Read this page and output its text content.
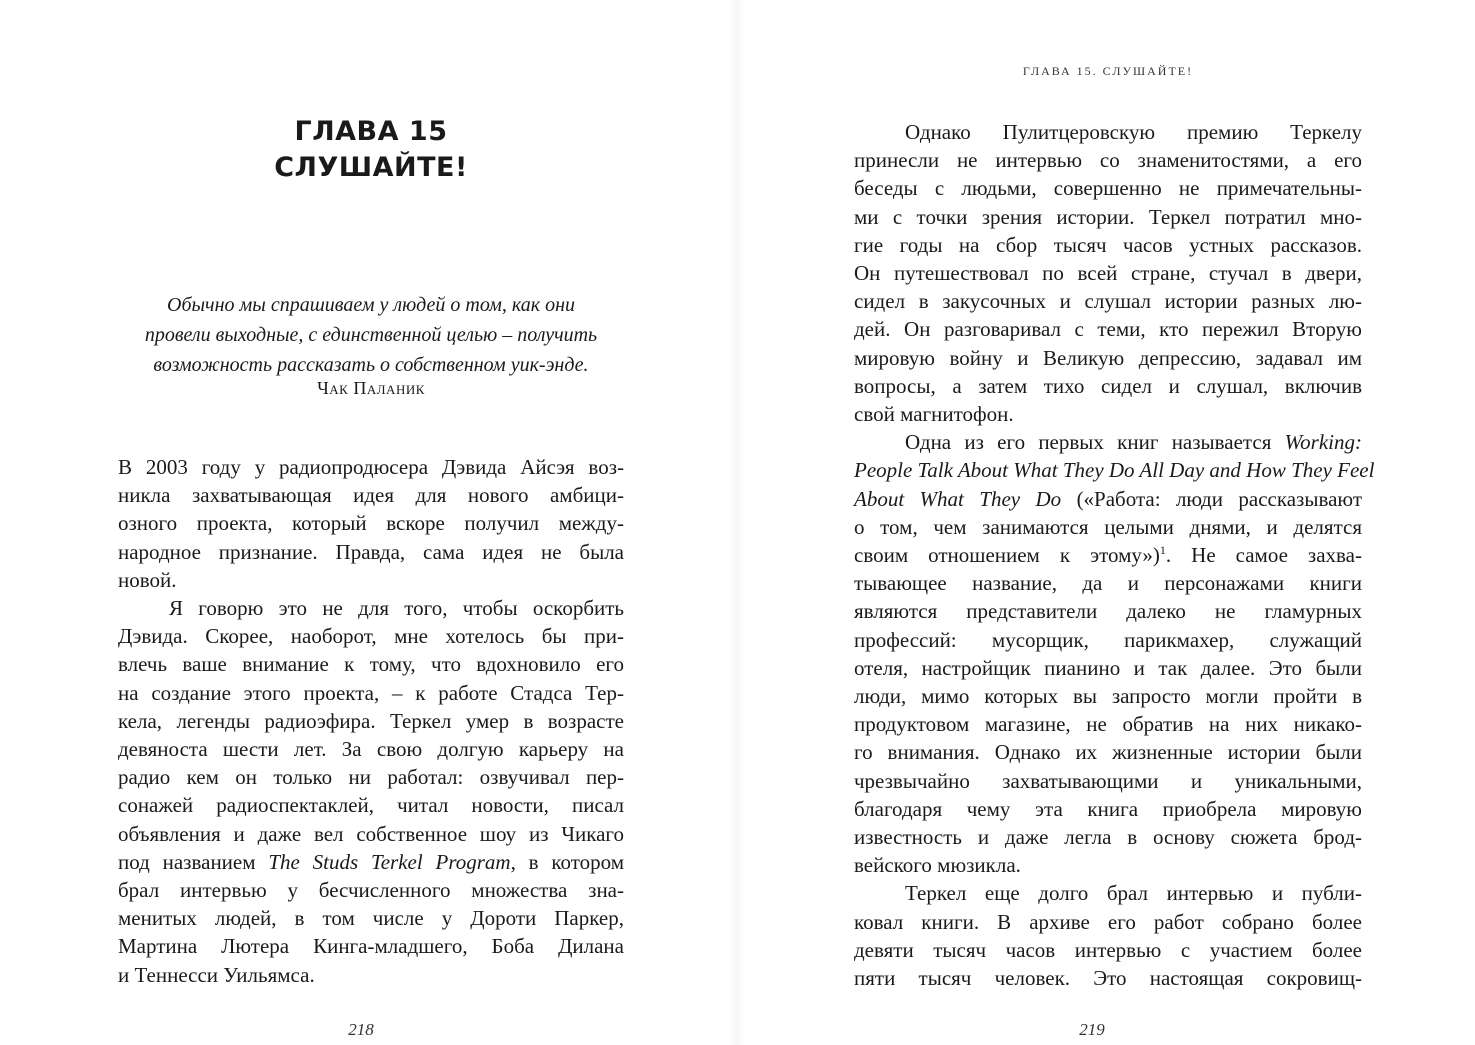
ГЛАВА 15
СЛУШАЙТЕ!
Обычно мы спрашиваем у людей о том, как они
провели выходные, с единственной целью – получить
возможность рассказать о собственном уик-энде.
Чак Паланик
В 2003 году у радиопродюсера Дэвида Айсэя воз-
никла захватывающая идея для нового амбици-
озного проекта, который вскоре получил между-
народное признание. Правда, сама идея не была
новой.
Я говорю это не для того, чтобы оскорбить
Дэвида. Скорее, наоборот, мне хотелось бы при-
влечь ваше внимание к тому, что вдохновило его
на создание этого проекта, – к работе Стадса Тер-
кела, легенды радиоэфира. Теркел умер в возрасте
девяноста шести лет. За свою долгую карьеру на
радио кем он только ни работал: озвучивал пер-
сонажей радиоспектаклей, читал новости, писал
объявления и даже вел собственное шоу из Чикаго
под названием The Studs Terkel Program, в котором
брал интервью у бесчисленного множества зна-
менитых людей, в том числе у Дороти Паркер,
Мартина Лютера Кинга-младшего, Боба Дилана
и Теннесси Уильямса.
218
ГЛАВА 15. СЛУШАЙТЕ!
Однако Пулитцеровскую премию Теркелу
принесли не интервью со знаменитостями, а его
беседы с людьми, совершенно не примечательны-
ми с точки зрения истории. Теркел потратил мно-
гие годы на сбор тысяч часов устных рассказов.
Он путешествовал по всей стране, стучал в двери,
сидел в закусочных и слушал истории разных лю-
дей. Он разговаривал с теми, кто пережил Вторую
мировую войну и Великую депрессию, задавал им
вопросы, а затем тихо сидел и слушал, включив
свой магнитофон.
Одна из его первых книг называется Working:
People Talk About What They Do All Day and How They Feel
About What They Do («Работа: люди рассказывают
о том, чем занимаются целыми днями, и делятся
своим отношением к этому»)$^1$. Не самое захва-
тывающее название, да и персонажами книги
являются представители далеко не гламурных
профессий: мусорщик, парикмахер, служащий
отеля, настройщик пианино и так далее. Это были
люди, мимо которых вы запросто могли пройти в
продуктовом магазине, не обратив на них никако-
го внимания. Однако их жизненные истории были
чрезвычайно захватывающими и уникальными,
благодаря чему эта книга приобрела мировую
известность и даже легла в основу сюжета брод-
вейского мюзикла.
Теркел еще долго брал интервью и публи-
ковал книги. В архиве его работ собрано более
девяти тысяч часов интервью с участием более
пяти тысяч человек. Это настоящая сокровищ-
219
